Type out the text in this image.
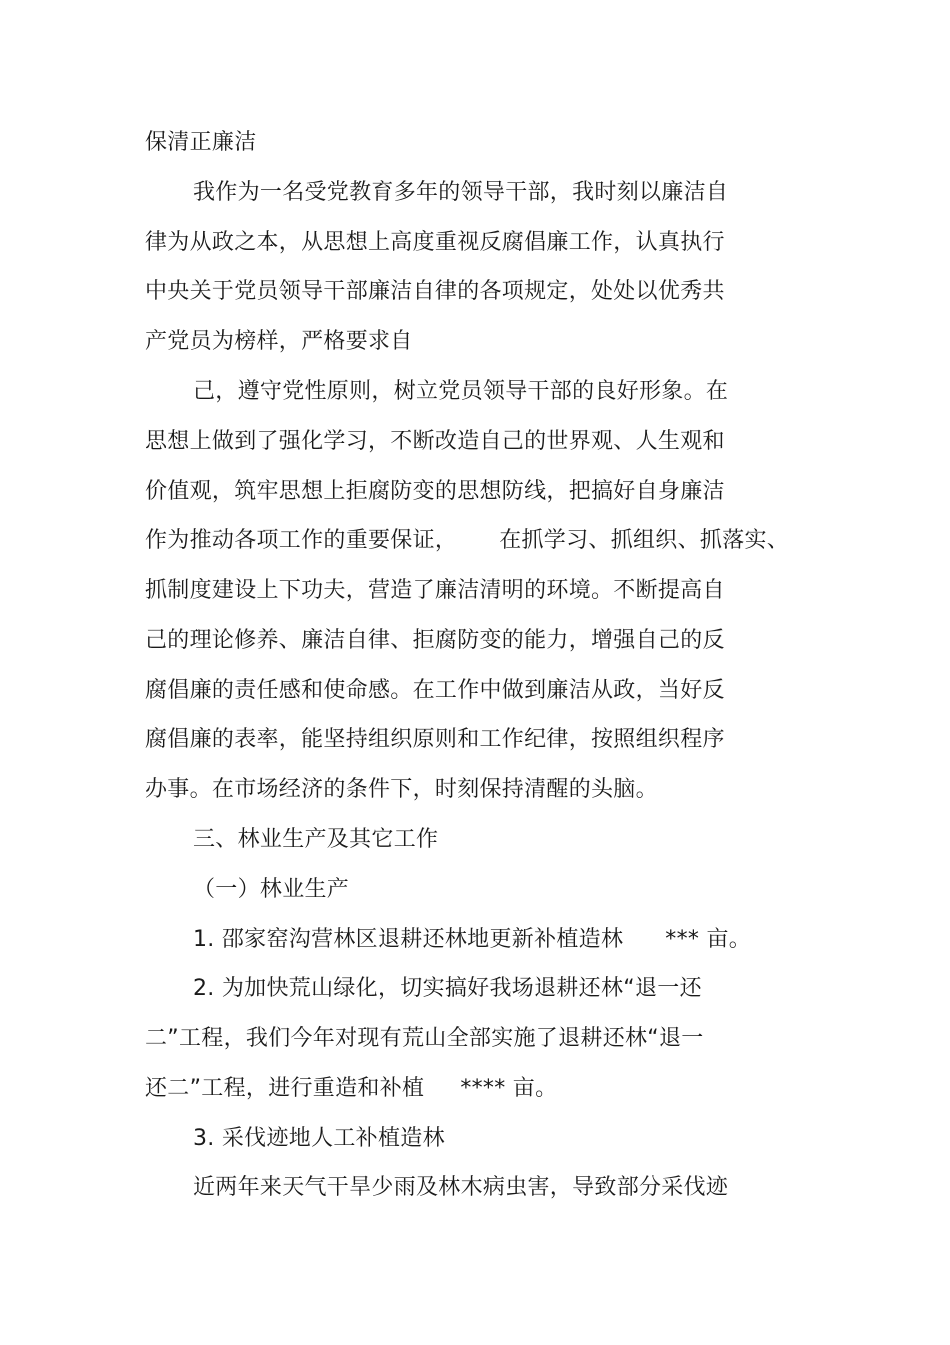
保清正廉洁
我作为一名受党教育多年的领导干部，我时刻以廉洁自
律为从政之本，从思想上高度重视反腐倡廉工作，认真执行
中央关于党员领导干部廉洁自律的各项规定，处处以优秀共
产党员为榜样，严格要求自
己，遵守党性原则，树立党员领导干部的良好形象。在
思想上做到了强化学习，不断改造自己的世界观、人生观和
价值观，筑牢思想上拒腐防变的思想防线，把搞好自身廉洁
作为推动各项工作的重要保证， 在抓学习、抓组织、抓落实、
抓制度建设上下功夫，营造了廉洁清明的环境。不断提高自
己的理论修养、廉洁自律、拒腐防变的能力，增强自己的反
腐倡廉的责任感和使命感。在工作中做到廉洁从政，当好反
腐倡廉的表率，能坚持组织原则和工作纪律，按照组织程序
办事。在市场经济的条件下，时刻保持清醒的头脑。
三、林业生产及其它工作
（一）林业生产
1. 邵家窑沟营林区退耕还林地更新补植造林 *** 亩。
2. 为加快荒山绿化，切实搞好我场退耕还林“退一还
二”工程，我们今年对现有荒山全部实施了退耕还林“退一
还二”工程，进行重造和补植 **** 亩。
3. 采伐迹地人工补植造林
近两年来天气干旱少雨及林木病虫害，导致部分采伐迹
